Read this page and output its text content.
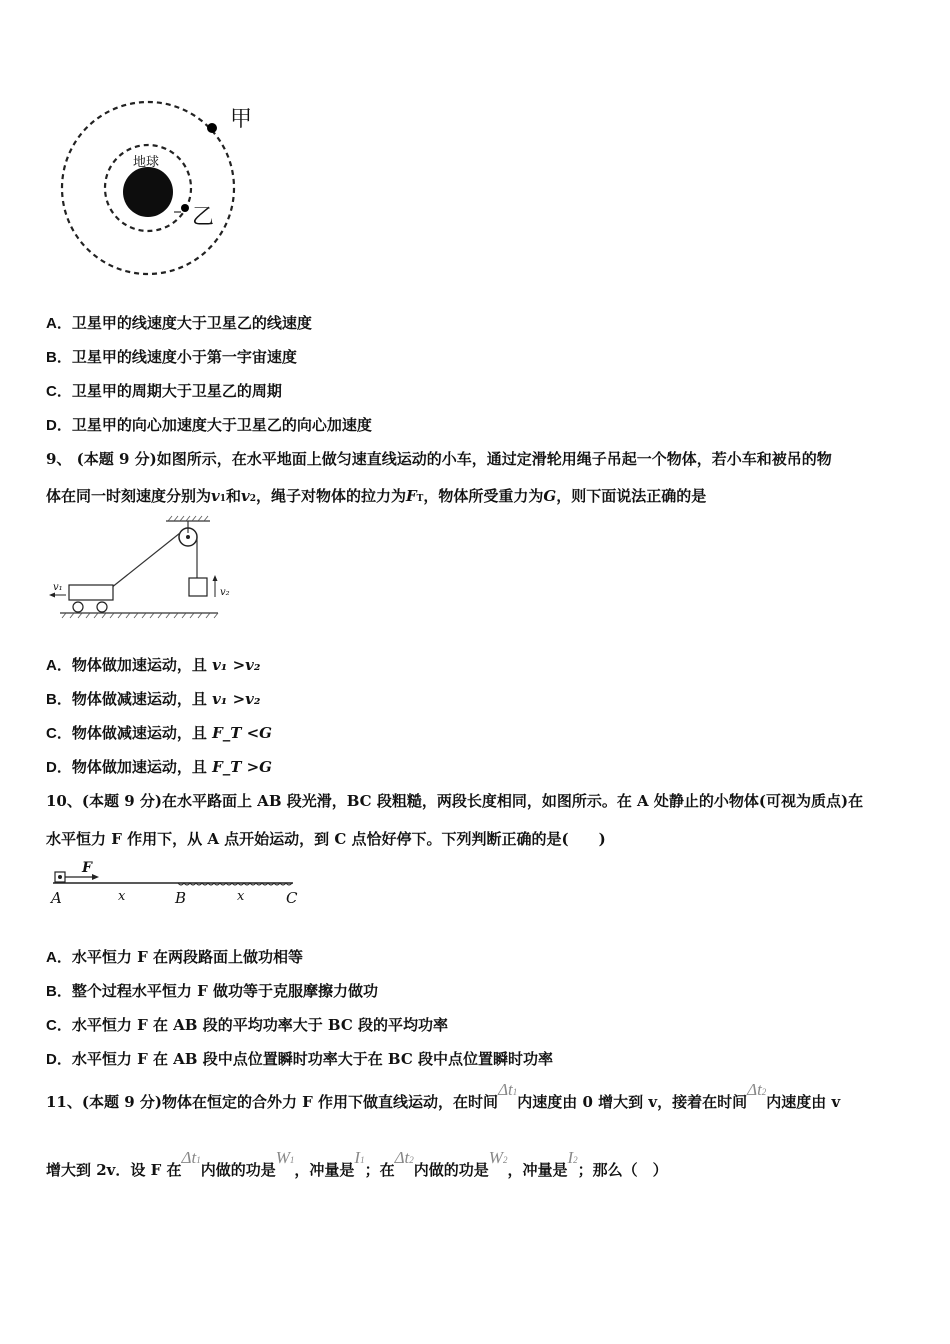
甲
乙
地球
A．卫星甲的线速度大于卫星乙的线速度
B．卫星甲的线速度小于第一宇宙速度
C．卫星甲的周期大于卫星乙的周期
D．卫星甲的向心加速度大于卫星乙的向心加速度
9、 (本题 9 分)如图所示，在水平地面上做匀速直线运动的小车，通过定滑轮用绳子吊起一个物体，若小车和被吊的物
体在同一时刻速度分别为v1和v2，绳子对物体的拉力为FT，物体所受重力为G，则下面说法正确的是
v₂
v₁
A．物体做加速运动，且 v₁ >v₂
B．物体做减速运动，且 v₁ >v₂
C．物体做减速运动，且 F_T <G
D．物体做加速运动，且 F_T >G
10、(本题 9 分)在水平路面上 AB 段光滑，BC 段粗糙，两段长度相同，如图所示。在 A 处静止的小物体(可视为质点)在
水平恒力 F 作用下，从 A 点开始运动，到 C 点恰好停下。下列判断正确的是(　　)
F
A	x	B	x	C
A．水平恒力 F 在两段路面上做功相等
B．整个过程水平恒力 F 做功等于克服摩擦力做功
C．水平恒力 F 在 AB 段的平均功率大于 BC 段的平均功率
D．水平恒力 F 在 AB 段中点位置瞬时功率大于在 BC 段中点位置瞬时功率
11、(本题 9 分)物体在恒定的合外力 F 作用下做直线运动，在时间Δt1内速度由 0 增大到 v，接着在时间Δt2内速度由 v
增大到 2v．设 F 在Δt1内做的功是W1，冲量是I1；在Δt2内做的功是W2，冲量是I2；那么（　）
